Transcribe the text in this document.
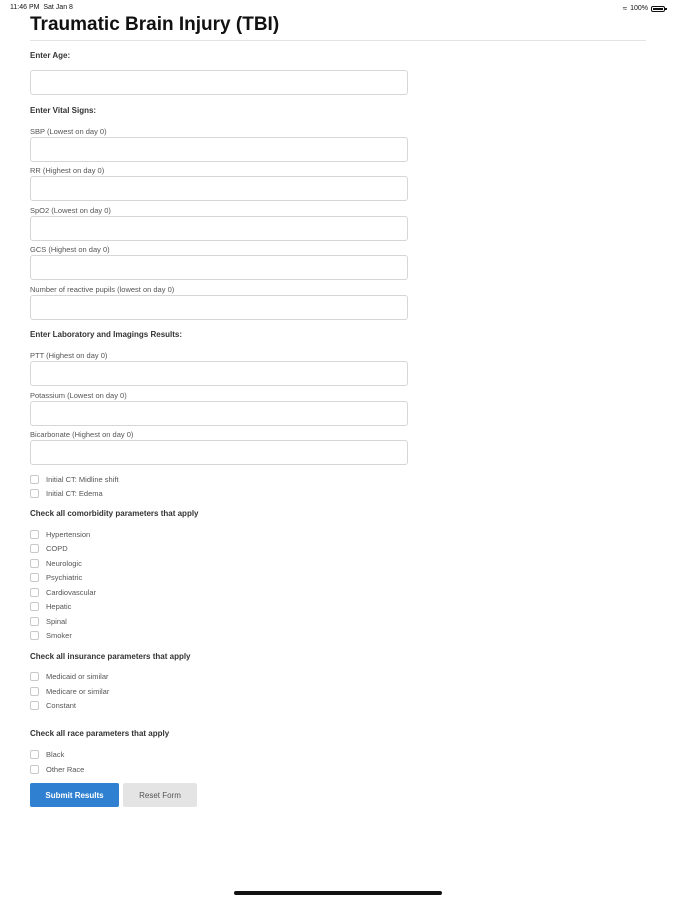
11:46 PM Sat Jan 8	≈ 100%
Traumatic Brain Injury (TBI)
Enter Age:
Enter Vital Signs:
SBP (Lowest on day 0)
RR (Highest on day 0)
SpO2 (Lowest on day 0)
GCS (Highest on day 0)
Number of reactive pupils (lowest on day 0)
Enter Laboratory and Imagings Results:
PTT (Highest on day 0)
Potassium (Lowest on day 0)
Bicarbonate (Highest on day 0)
Initial CT: Midline shift
Initial CT: Edema
Check all comorbidity parameters that apply
Hypertension
COPD
Neurologic
Psychiatric
Cardiovascular
Hepatic
Spinal
Smoker
Check all insurance parameters that apply
Medicaid or similar
Medicare or similar
Constant
Check all race parameters that apply
Black
Other Race
Submit Results	Reset Form
